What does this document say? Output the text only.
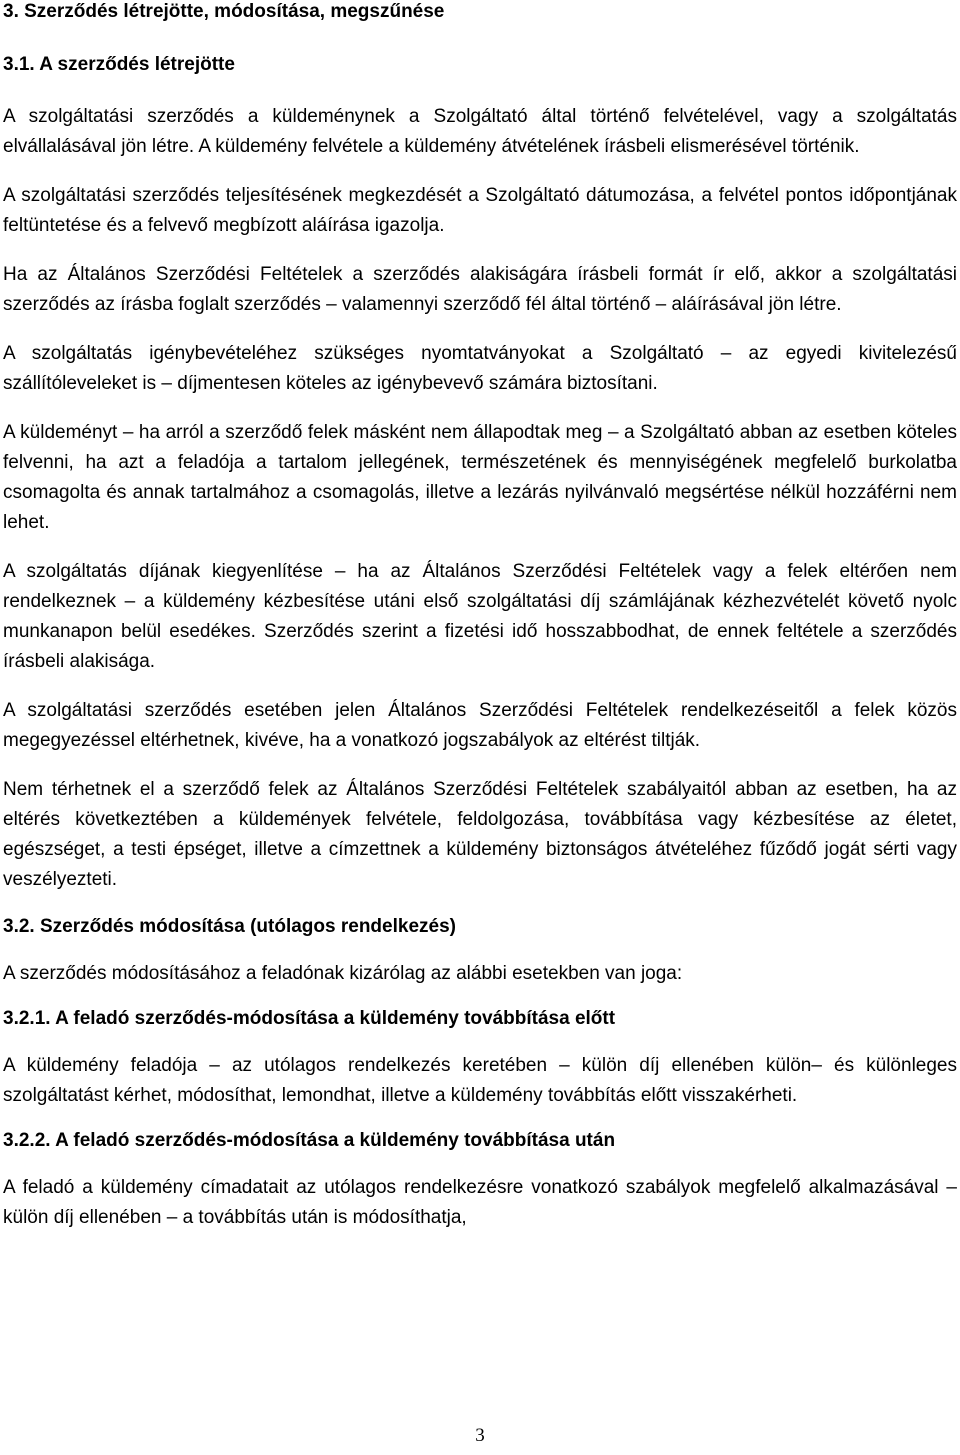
3. Szerződés létrejötte, módosítása, megszűnése
3.1. A szerződés létrejötte

A szolgáltatási szerződés a küldeménynek a Szolgáltató által történő felvételével, vagy a szolgáltatás elvállalásával jön létre. A küldemény felvétele a küldemény átvételének írásbeli elismerésével történik.

A szolgáltatási szerződés teljesítésének megkezdését a Szolgáltató dátumozása, a felvétel pontos időpontjának feltüntetése és a felvevő megbízott aláírása igazolja.

Ha az Általános Szerződési Feltételek a szerződés alakiságára írásbeli formát ír elő, akkor a szolgáltatási szerződés az írásba foglalt szerződés – valamennyi szerződő fél által történő – aláírásával jön létre.

A szolgáltatás igénybevételéhez szükséges nyomtatványokat a Szolgáltató – az egyedi kivitelezésű szállítóleveleket is – díjmentesen köteles az igénybevevő számára biztosítani.

A küldeményt – ha arról a szerződő felek másként nem állapodtak meg – a Szolgáltató abban az esetben köteles felvenni, ha azt a feladója a tartalom jellegének, természetének és mennyiségének megfelelő burkolatba csomagolta és annak tartalmához a csomagolás, illetve a lezárás nyilvánvaló megsértése nélkül hozzáférni nem lehet.

A szolgáltatás díjának kiegyenlítése – ha az Általános Szerződési Feltételek vagy a felek eltérően nem rendelkeznek – a küldemény kézbesítése utáni első szolgáltatási díj számlájának kézhezvételét követő nyolc munkanapon belül esedékes. Szerződés szerint a fizetési idő hosszabbodhat, de ennek feltétele a szerződés írásbeli alakisága.

A szolgáltatási szerződés esetében jelen Általános Szerződési Feltételek rendelkezéseitől a felek közös megegyezéssel eltérhetnek, kivéve, ha a vonatkozó jogszabályok az eltérést tiltják.

Nem térhetnek el a szerződő felek az Általános Szerződési Feltételek szabályaitól abban az esetben, ha az eltérés következtében a küldemények felvétele, feldolgozása, továbbítása vagy kézbesítése az életet, egészséget, a testi épséget, illetve a címzettnek a küldemény biztonságos átvételéhez fűződő jogát sérti vagy veszélyezteti.

3.2. Szerződés módosítása (utólagos rendelkezés)

A szerződés módosításához a feladónak kizárólag az alábbi esetekben van joga:

3.2.1. A feladó szerződés-módosítása a küldemény továbbítása előtt

A küldemény feladója – az utólagos rendelkezés keretében – külön díj ellenében külön– és különleges szolgáltatást kérhet, módosíthat, lemondhat, illetve a küldemény továbbítás előtt visszakérheti.

3.2.2. A feladó szerződés-módosítása a küldemény továbbítása után

A feladó a küldemény címadatait az utólagos rendelkezésre vonatkozó szabályok megfelelő alkalmazásával – külön díj ellenében – a továbbítás után is módosíthatja,

3
